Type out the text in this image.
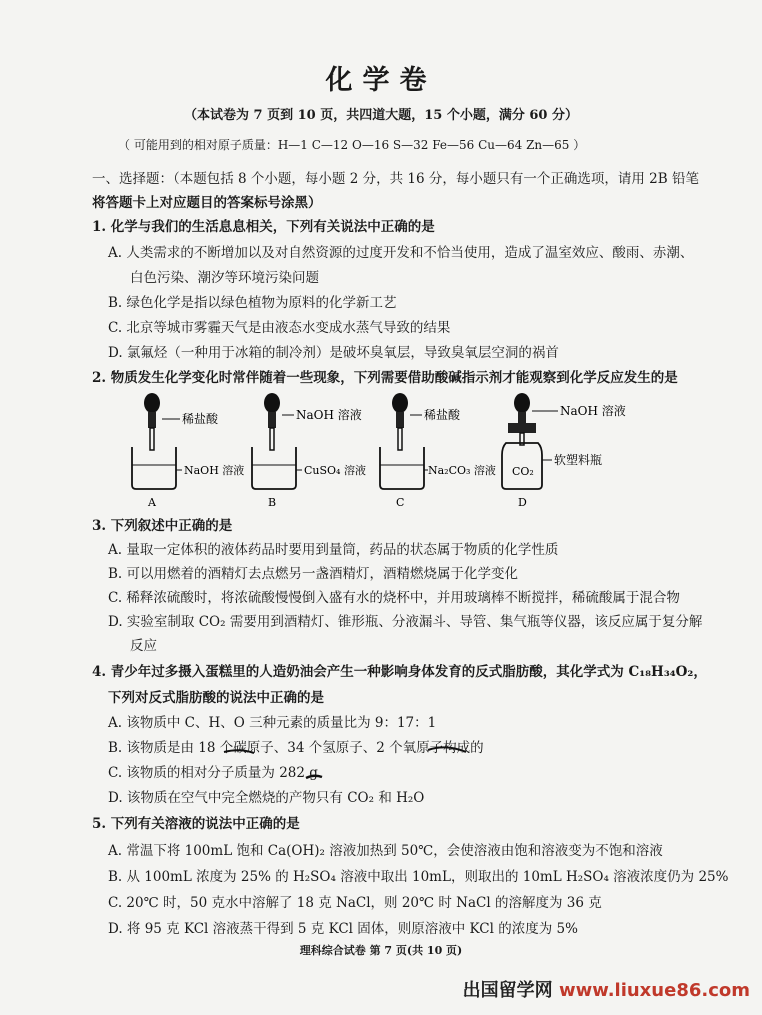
化学卷
（本试卷为 7 页到 10 页，共四道大题，15 个小题，满分 60 分）
（ 可能用到的相对原子质量：H—1 C—12 O—16 S—32 Fe—56 Cu—64 Zn—65 ）
一、选择题：（本题包括 8 个小题，每小题 2 分，共 16 分，每小题只有一个正确选项，请用 2B 铅笔
将答题卡上对应题目的答案标号涂黑）
1. 化学与我们的生活息息相关，下列有关说法中正确的是
A. 人类需求的不断增加以及对自然资源的过度开发和不恰当使用，造成了温室效应、酸雨、赤潮、
白色污染、潮汐等环境污染问题
B. 绿色化学是指以绿色植物为原料的化学新工艺
C. 北京等城市雾霾天气是由液态水变成水蒸气导致的结果
D. 氯氟烃（一种用于冰箱的制冷剂）是破坏臭氧层，导致臭氧层空洞的祸首
2. 物质发生化学变化时常伴随着一些现象，下列需要借助酸碱指示剂才能观察到化学反应发生的是
稀盐酸
NaOH 溶液
A
NaOH 溶液
CuSO₄ 溶液
B
稀盐酸
Na₂CO₃ 溶液
C
NaOH 溶液
CO₂
软塑料瓶
D
3. 下列叙述中正确的是
A. 量取一定体积的液体药品时要用到量筒，药品的状态属于物质的化学性质
B. 可以用燃着的酒精灯去点燃另一盏酒精灯，酒精燃烧属于化学变化
C. 稀释浓硫酸时，将浓硫酸慢慢倒入盛有水的烧杯中，并用玻璃棒不断搅拌，稀硫酸属于混合物
D. 实验室制取 CO₂ 需要用到酒精灯、锥形瓶、分液漏斗、导管、集气瓶等仪器，该反应属于复分解
反应
4. 青少年过多摄入蛋糕里的人造奶油会产生一种影响身体发育的反式脂肪酸，其化学式为 C₁₈H₃₄O₂，
下列对反式脂肪酸的说法中正确的是
A. 该物质中 C、H、O 三种元素的质量比为 9：17：1
B. 该物质是由 18 个碳原子、34 个氢原子、2 个氧原子构成的
C. 该物质的相对分子质量为 282 g
D. 该物质在空气中完全燃烧的产物只有 CO₂ 和 H₂O
5. 下列有关溶液的说法中正确的是
A. 常温下将 100mL 饱和 Ca(OH)₂ 溶液加热到 50℃，会使溶液由饱和溶液变为不饱和溶液
B. 从 100mL 浓度为 25% 的 H₂SO₄ 溶液中取出 10mL，则取出的 10mL H₂SO₄ 溶液浓度仍为 25%
C. 20℃ 时，50 克水中溶解了 18 克 NaCl，则 20℃ 时 NaCl 的溶解度为 36 克
D. 将 95 克 KCl 溶液蒸干得到 5 克 KCl 固体，则原溶液中 KCl 的浓度为 5%
理科综合试卷 第 7 页(共 10 页)
出国留学网 www.liuxue86.com
